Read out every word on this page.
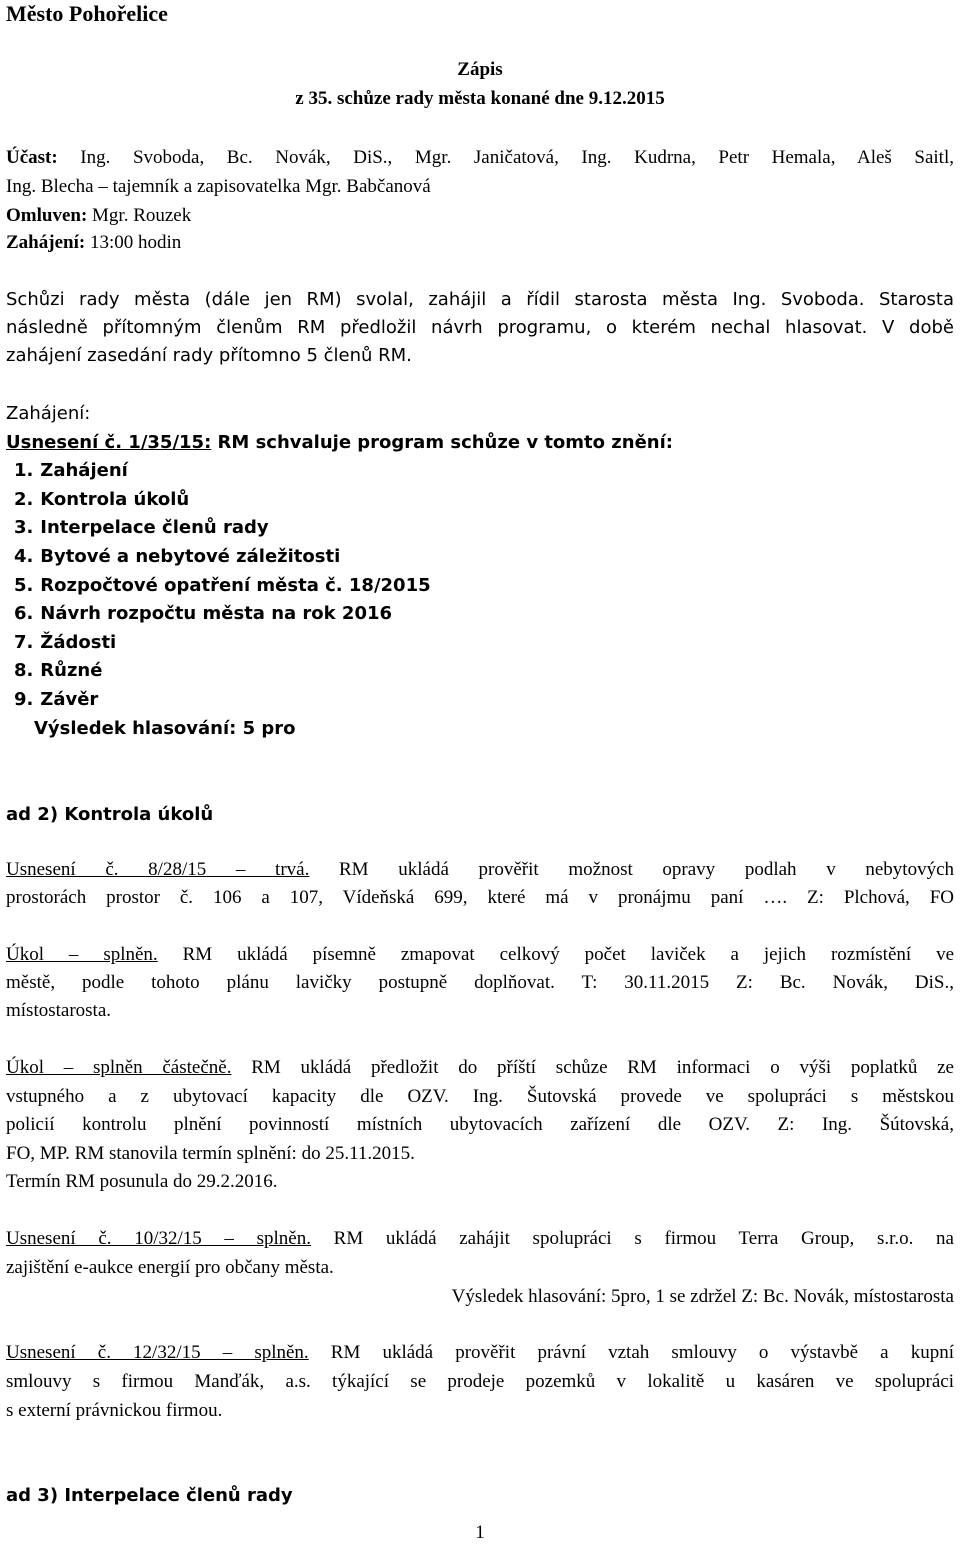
Město Pohořelice
Zápis
z 35. schůze rady města konané dne 9.12.2015
Účast: Ing. Svoboda, Bc. Novák, DiS., Mgr. Janičatová, Ing. Kudrna, Petr Hemala, Aleš Saitl,
Ing. Blecha – tajemník a zapisovatelka Mgr. Babčanová
Omluven: Mgr. Rouzek
Zahájení: 13:00 hodin
Schůzi rady města (dále jen RM) svolal, zahájil a řídil starosta města Ing. Svoboda. Starosta
následně přítomným členům RM předložil návrh programu, o kterém nechal hlasovat. V době
zahájení zasedání rady přítomno 5 členů RM.
Zahájení:
Usnesení č. 1/35/15: RM schvaluje program schůze v tomto znění:
1. Zahájení
2. Kontrola úkolů
3. Interpelace členů rady
4. Bytové a nebytové záležitosti
5. Rozpočtové opatření města č. 18/2015
6. Návrh rozpočtu města na rok 2016
7. Žádosti
8. Různé
9. Závěr
Výsledek hlasování: 5 pro
ad 2) Kontrola úkolů
Usnesení č. 8/28/15 – trvá. RM ukládá prověřit možnost opravy podlah v nebytových
prostorách prostor č. 106 a 107, Vídeňská 699, které má v pronájmu paní …. Z: Plchová, FO
Úkol – splněn. RM ukládá písemně zmapovat celkový počet laviček a jejich rozmístění ve
městě, podle tohoto plánu lavičky postupně doplňovat. T: 30.11.2015 Z: Bc. Novák, DiS.,
místostarosta.
Úkol – splněn částečně. RM ukládá předložit do příští schůze RM informaci o výši poplatků ze
vstupného a z ubytovací kapacity dle OZV. Ing. Šutovská provede ve spolupráci s městskou
policií kontrolu plnění povinností místních ubytovacích zařízení dle OZV. Z: Ing. Šútovská,
FO, MP. RM stanovila termín splnění: do 25.11.2015.
Termín RM posunula do 29.2.2016.
Usnesení č. 10/32/15 – splněn. RM ukládá zahájit spolupráci s firmou Terra Group, s.r.o. na
zajištění e-aukce energií pro občany města.
Výsledek hlasování: 5pro, 1 se zdržel Z: Bc. Novák, místostarosta
Usnesení č. 12/32/15 – splněn. RM ukládá prověřit právní vztah smlouvy o výstavbě a kupní
smlouvy s firmou Manďák, a.s. týkající se prodeje pozemků v lokalitě u kasáren ve spolupráci
s externí právnickou firmou.
ad 3) Interpelace členů rady
1
